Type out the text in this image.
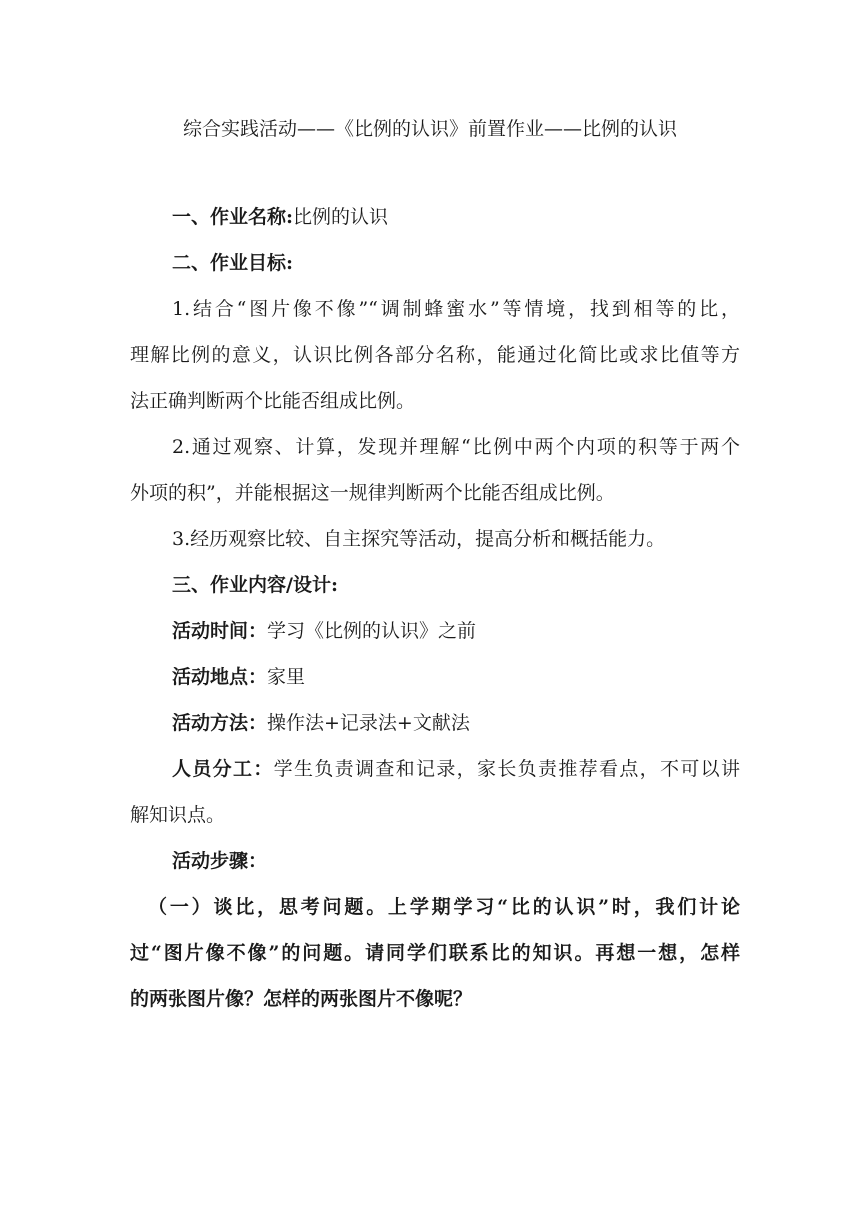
综合实践活动——《比例的认识》前置作业——比例的认识
一、作业名称:比例的认识
二、作业目标:
1.结合“图片像不像”“调制蜂蜜水”等情境，找到相等的比，
理解比例的意义，认识比例各部分名称，能通过化简比或求比值等方
法正确判断两个比能否组成比例。
2.通过观察、计算，发现并理解“比例中两个内项的积等于两个
外项的积”，并能根据这一规律判断两个比能否组成比例。
3.经历观察比较、自主探究等活动，提高分析和概括能力。
三、作业内容/设计:
活动时间：学习《比例的认识》之前
活动地点：家里
活动方法：操作法+记录法+文献法
人员分工：学生负责调查和记录，家长负责推荐看点，不可以讲
解知识点。
活动步骤：
（一）谈比，思考问题。上学期学习“比的认识”时，我们计论
过“图片像不像”的问题。请同学们联系比的知识。再想一想，怎样
的两张图片像？怎样的两张图片不像呢？
